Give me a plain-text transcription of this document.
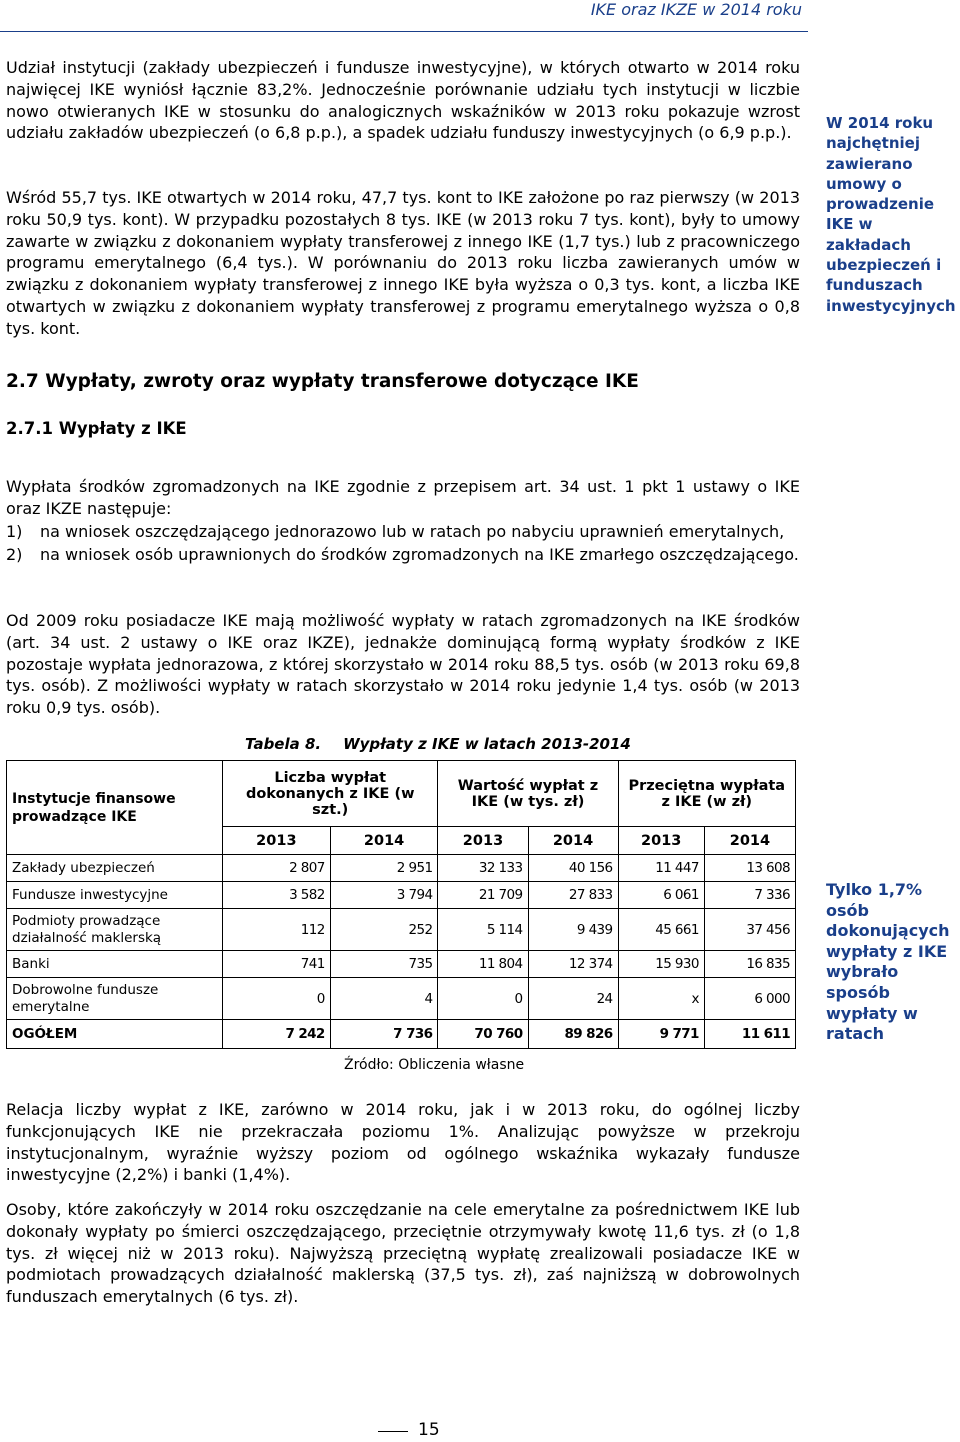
IKE oraz IKZE w 2014 roku
Udział instytucji (zakłady ubezpieczeń i fundusze inwestycyjne), w których otwarto w 2014 roku najwięcej IKE wyniósł łącznie 83,2%. Jednocześnie porównanie udziału tych instytucji w liczbie nowo otwieranych IKE w stosunku do analogicznych wskaźników w 2013 roku pokazuje wzrost udziału zakładów ubezpieczeń (o 6,8 p.p.), a spadek udziału funduszy inwestycyjnych (o 6,9 p.p.).
Wśród 55,7 tys. IKE otwartych w 2014 roku, 47,7 tys. kont to IKE założone po raz pierwszy (w 2013 roku 50,9 tys. kont). W przypadku pozostałych 8 tys. IKE (w 2013 roku 7 tys. kont), były to umowy zawarte w związku z dokonaniem wypłaty transferowej z innego IKE (1,7 tys.) lub z pracowniczego programu emerytalnego (6,4 tys.). W porównaniu do 2013 roku liczba zawieranych umów w związku z dokonaniem wypłaty transferowej z innego IKE była wyższa o 0,3 tys. kont, a liczba IKE otwartych w związku z dokonaniem wypłaty transferowej z programu emerytalnego wyższa o 0,8 tys. kont.
W 2014 roku najchętniej zawierano umowy o prowadzenie IKE w zakładach ubezpieczeń i funduszach inwestycyjnych
2.7 Wypłaty, zwroty oraz wypłaty transferowe dotyczące IKE
2.7.1 Wypłaty z IKE
Wypłata środków zgromadzonych na IKE zgodnie z przepisem art. 34 ust. 1 pkt 1 ustawy o IKE oraz IKZE następuje:
1)	na wniosek oszczędzającego jednorazowo lub w ratach po nabyciu uprawnień emerytalnych,
2)	na wniosek osób uprawnionych do środków zgromadzonych na IKE zmarłego oszczędzającego.
Od 2009 roku posiadacze IKE mają możliwość wypłaty w ratach zgromadzonych na IKE środków (art. 34 ust. 2 ustawy o IKE oraz IKZE), jednakże dominującą formą wypłaty środków z IKE pozostaje wypłata jednorazowa, z której skorzystało w 2014 roku 88,5 tys. osób (w 2013 roku 69,8 tys. osób). Z możliwości wypłaty w ratach skorzystało w 2014 roku jedynie 1,4 tys. osób (w 2013 roku 0,9 tys. osób).
Tabela 8. Wypłaty z IKE w latach 2013-2014
Instytucje finansowe prowadzące IKE	Liczba wypłat dokonanych z IKE (w szt.)		Wartość wypłat z IKE (w tys. zł)		Przeciętna wypłata z IKE (w zł)	
	2013	2014	2013	2014	2013	2014
Zakłady ubezpieczeń	2 807	2 951	32 133	40 156	11 447	13 608
Fundusze inwestycyjne	3 582	3 794	21 709	27 833	6 061	7 336
Podmioty prowadzące działalność maklerską	112	252	5 114	9 439	45 661	37 456
Banki	741	735	11 804	12 374	15 930	16 835
Dobrowolne fundusze emerytalne	0	4	0	24	x	6 000
OGÓŁEM	7 242	7 736	70 760	89 826	9 771	11 611
Tylko 1,7% osób dokonujących wypłaty z IKE wybrało sposób wypłaty w ratach
Źródło: Obliczenia własne
Relacja liczby wypłat z IKE, zarówno w 2014 roku, jak i w 2013 roku, do ogólnej liczby funkcjonujących IKE nie przekraczała poziomu 1%. Analizując powyższe w przekroju instytucjonalnym, wyraźnie wyższy poziom od ogólnego wskaźnika wykazały fundusze inwestycyjne (2,2%) i banki (1,4%).
Osoby, które zakończyły w 2014 roku oszczędzanie na cele emerytalne za pośrednictwem IKE lub dokonały wypłaty po śmierci oszczędzającego, przeciętnie otrzymywały kwotę 11,6 tys. zł (o 1,8 tys. zł więcej niż w 2013 roku). Najwyższą przeciętną wypłatę zrealizowali posiadacze IKE w podmiotach prowadzących działalność maklerską (37,5 tys. zł), zaś najniższą w dobrowolnych funduszach emerytalnych (6 tys. zł).
15
